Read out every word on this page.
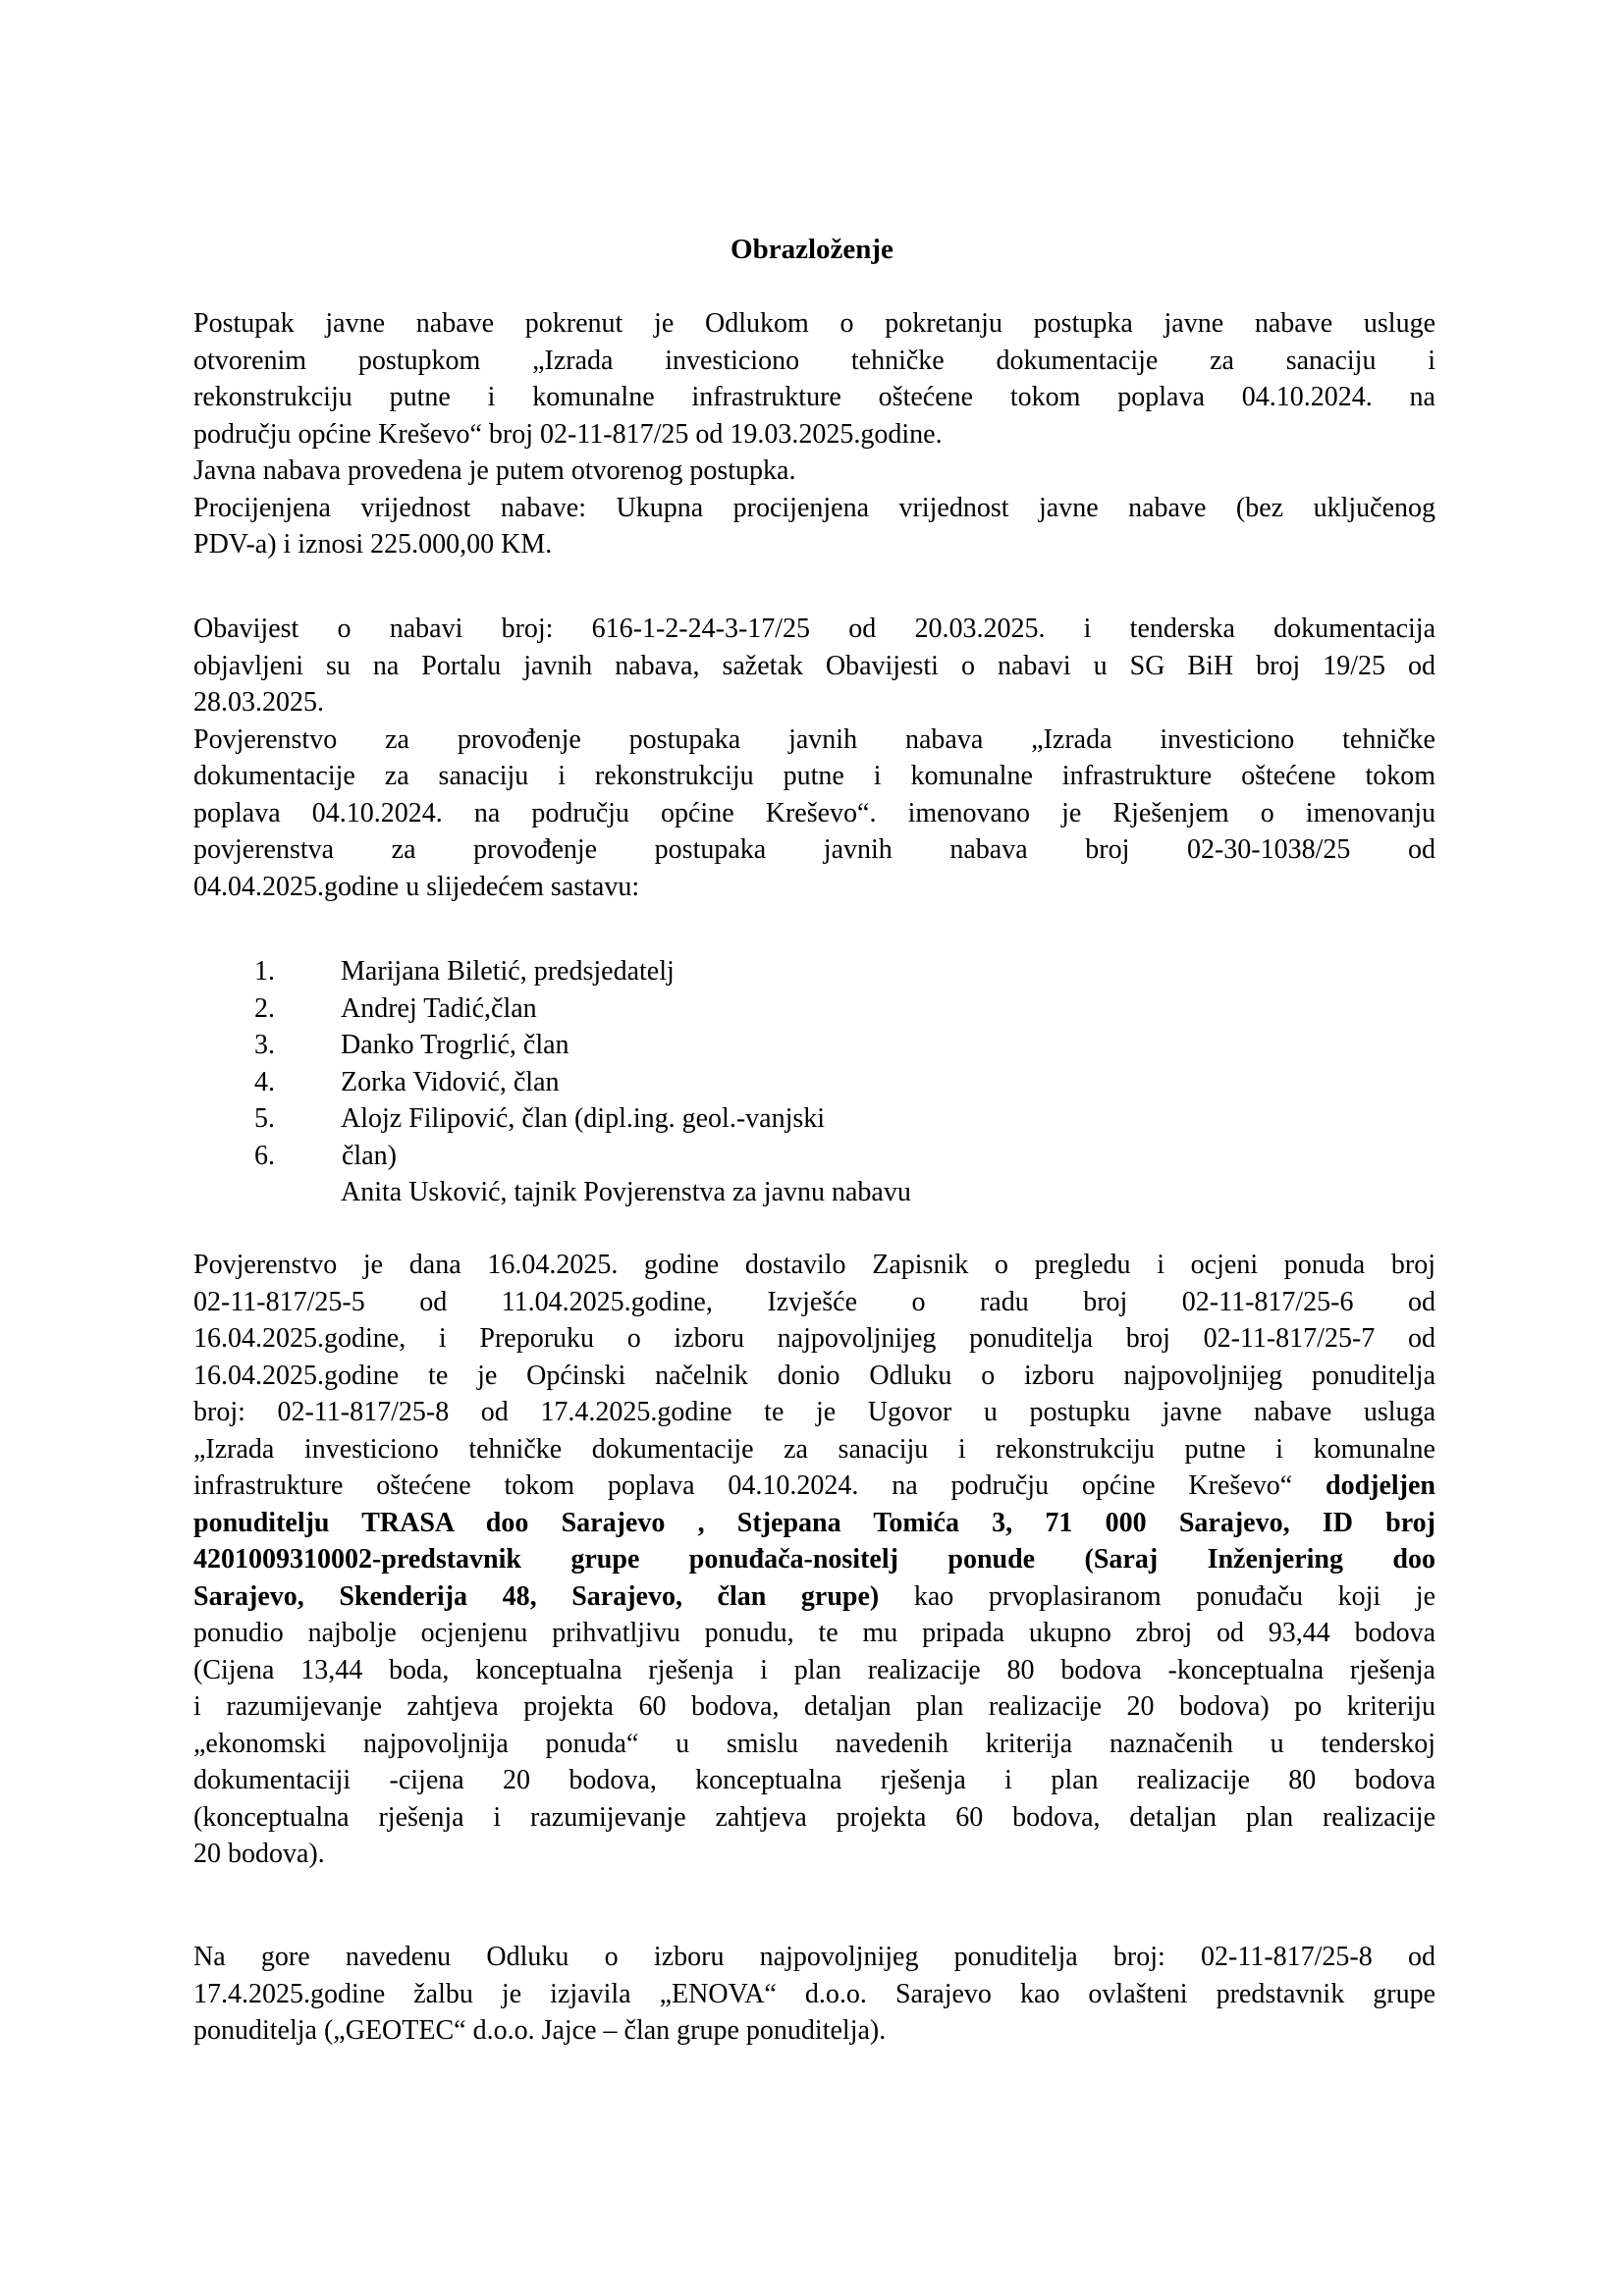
Obrazloženje
Postupak javne nabave pokrenut je Odlukom o pokretanju postupka javne nabave usluge
otvorenim postupkom „Izrada investiciono tehničke dokumentacije za sanaciju i
rekonstrukciju putne i komunalne infrastrukture oštećene tokom poplava 04.10.2024. na
području općine Kreševo“ broj 02-11-817/25 od 19.03.2025.godine.
Javna nabava provedena je putem otvorenog postupka.
Procijenjena vrijednost nabave: Ukupna procijenjena vrijednost javne nabave (bez uključenog
PDV-a) i iznosi 225.000,00 KM.
Obavijest o nabavi broj: 616-1-2-24-3-17/25 od 20.03.2025. i tenderska dokumentacija
objavljeni su na Portalu javnih nabava, sažetak Obavijesti o nabavi u SG BiH broj 19/25 od
28.03.2025.
Povjerenstvo za provođenje postupaka javnih nabava „Izrada investiciono tehničke
dokumentacije za sanaciju i rekonstrukciju putne i komunalne infrastrukture oštećene tokom
poplava 04.10.2024. na području općine Kreševo“. imenovano je Rješenjem o imenovanju
povjerenstva za provođenje postupaka javnih nabava broj 02-30-1038/25 od
04.04.2025.godine u slijedećem sastavu:
1. Marijana Biletić, predsjedatelj
2. Andrej Tadić,član
3. Danko Trogrlić, član
4. Zorka Vidović, član
5. Alojz Filipović, član (dipl.ing. geol.-vanjski
6. član)
Anita Usković, tajnik Povjerenstva za javnu nabavu
Povjerenstvo je dana 16.04.2025. godine dostavilo Zapisnik o pregledu i ocjeni ponuda broj
02-11-817/25-5 od 11.04.2025.godine, Izvješće o radu broj 02-11-817/25-6 od
16.04.2025.godine, i Preporuku o izboru najpovoljnijeg ponuditelja broj 02-11-817/25-7 od
16.04.2025.godine te je Općinski načelnik donio Odluku o izboru najpovoljnijeg ponuditelja
broj: 02-11-817/25-8 od 17.4.2025.godine te je Ugovor u postupku javne nabave usluga
„Izrada investiciono tehničke dokumentacije za sanaciju i rekonstrukciju putne i komunalne
infrastrukture oštećene tokom poplava 04.10.2024. na području općine Kreševo“ dodjeljen
ponuditelju TRASA doo Sarajevo , Stjepana Tomića 3, 71 000 Sarajevo, ID broj
4201009310002-predstavnik grupe ponuđača-nositelj ponude (Saraj Inženjering doo
Sarajevo, Skenderija 48, Sarajevo, član grupe) kao prvoplasiranom ponuđaču koji je
ponudio najbolje ocjenjenu prihvatljivu ponudu, te mu pripada ukupno zbroj od 93,44 bodova
(Cijena 13,44 boda, konceptualna rješenja i plan realizacije 80 bodova -konceptualna rješenja
i razumijevanje zahtjeva projekta 60 bodova, detaljan plan realizacije 20 bodova) po kriteriju
„ekonomski najpovoljnija ponuda“ u smislu navedenih kriterija naznačenih u tenderskoj
dokumentaciji -cijena 20 bodova, konceptualna rješenja i plan realizacije 80 bodova
(konceptualna rješenja i razumijevanje zahtjeva projekta 60 bodova, detaljan plan realizacije
20 bodova).
Na gore navedenu Odluku o izboru najpovoljnijeg ponuditelja broj: 02-11-817/25-8 od
17.4.2025.godine žalbu je izjavila „ENOVA“ d.o.o. Sarajevo kao ovlašteni predstavnik grupe
ponuditelja („GEOTEC“ d.o.o. Jajce – član grupe ponuditelja).
